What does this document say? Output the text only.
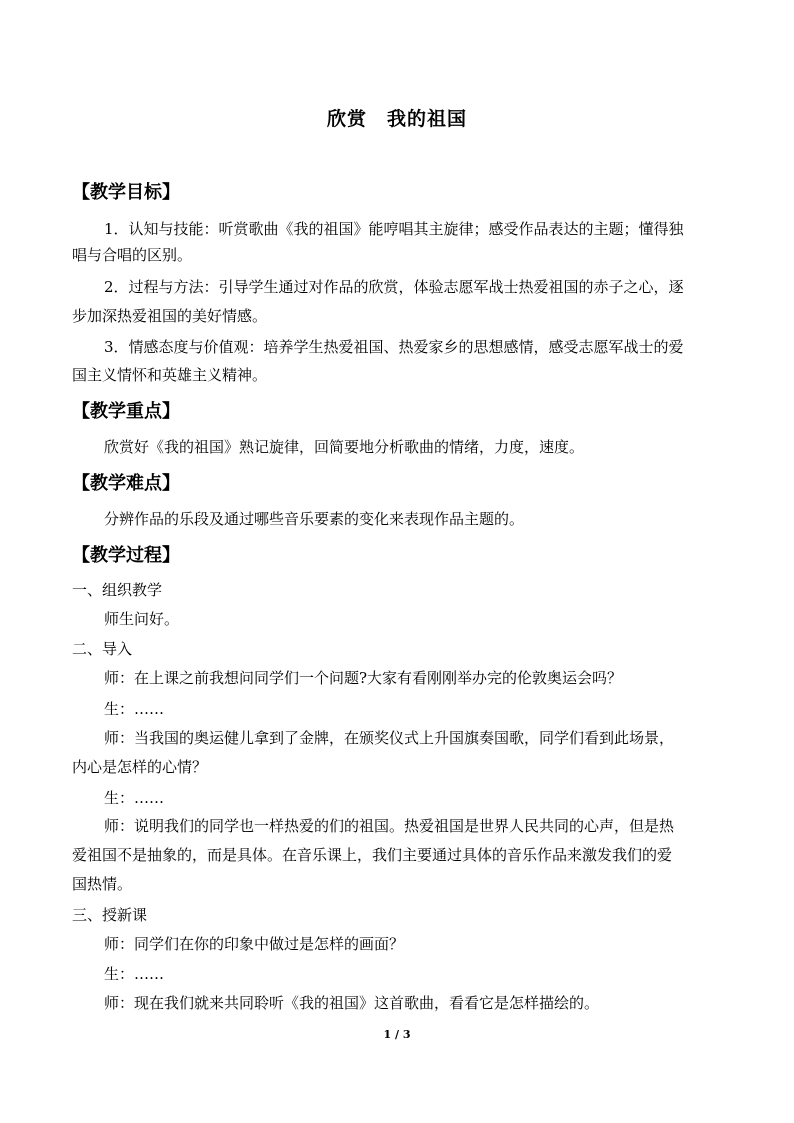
欣赏　我的祖国
【教学目标】
1．认知与技能：听赏歌曲《我的祖国》能哼唱其主旋律；感受作品表达的主题；懂得独
唱与合唱的区别。
2．过程与方法：引导学生通过对作品的欣赏，体验志愿军战士热爱祖国的赤子之心，逐
步加深热爱祖国的美好情感。
3．情感态度与价值观：培养学生热爱祖国、热爱家乡的思想感情，感受志愿军战士的爱
国主义情怀和英雄主义精神。
【教学重点】
欣赏好《我的祖国》熟记旋律，回简要地分析歌曲的情绪，力度，速度。
【教学难点】
分辨作品的乐段及通过哪些音乐要素的变化来表现作品主题的。
【教学过程】
一、组织教学
师生问好。
二、导入
师：在上课之前我想问同学们一个问题?大家有看刚刚举办完的伦敦奥运会吗？
生：……
师：当我国的奥运健儿拿到了金牌，在颁奖仪式上升国旗奏国歌，同学们看到此场景，
内心是怎样的心情？
生：……
师：说明我们的同学也一样热爱的们的祖国。热爱祖国是世界人民共同的心声，但是热
爱祖国不是抽象的，而是具体。在音乐课上，我们主要通过具体的音乐作品来激发我们的爱
国热情。
三、授新课
师：同学们在你的印象中做过是怎样的画面？
生：……
师：现在我们就来共同聆听《我的祖国》这首歌曲，看看它是怎样描绘的。
1 / 3
